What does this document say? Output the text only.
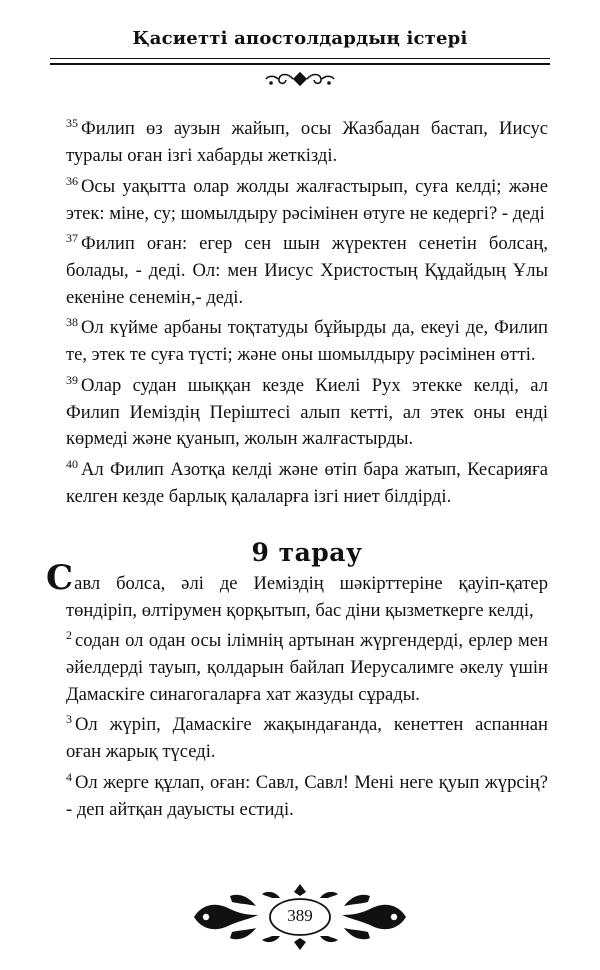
Қасиетті апостолдардың істері

$^{35}$ Филип өз аузын жайып, осы Жазбадан бастап, Иисус туралы оған ізгі хабарды жеткізді.

$^{36}$ Осы уақытта олар жолды жалғастырып, суға келді; және этек: міне, су; шомылдыру рәсімінен өтуге не кедергі? - деді

$^{37}$ Филип оған: егер сен шын жүректен сенетін болсаң, болады, - деді. Ол: мен Иисус Христостың Құдайдың Ұлы екеніне сенемін,- деді.

$^{38}$ Ол күйме арбаны тоқтатуды бұйырды да, екеуі де, Филип те, этек те суға түсті; және оны шомылдыру рәсімінен өтті.

$^{39}$ Олар судан шыққан кезде Киелі Рух этекке келді, ал Филип Иеміздің Періштесі алып кетті, ал этек оны енді көрмеді және қуанып, жолын жалғастырды.

$^{40}$ Ал Филип Азотқа келді және өтіп бара жатып, Кесарияға келген кезде барлық қалаларға ізгі ниет білдірді.

9 тарау

Савл болса, әлі де Иеміздің шәкірттеріне қауіп-қатер төндіріп, өлтірумен қорқытып, бас діни қызметкерге келді,

$^2$ содан ол одан осы ілімнің артынан жүргендерді, ерлер мен әйелдерді тауып, қолдарын байлап Иерусалимге әкелу үшін Дамаскіге синагогаларға хат жазуды сұрады.

$^3$ Ол жүріп, Дамаскіге жақындағанда, кенеттен аспаннан оған жарық түседі.

$^4$ Ол жерге құлап, оған: Савл, Савл! Мені неге қуып жүрсің? - деп айтқан дауысты естиді.

389
